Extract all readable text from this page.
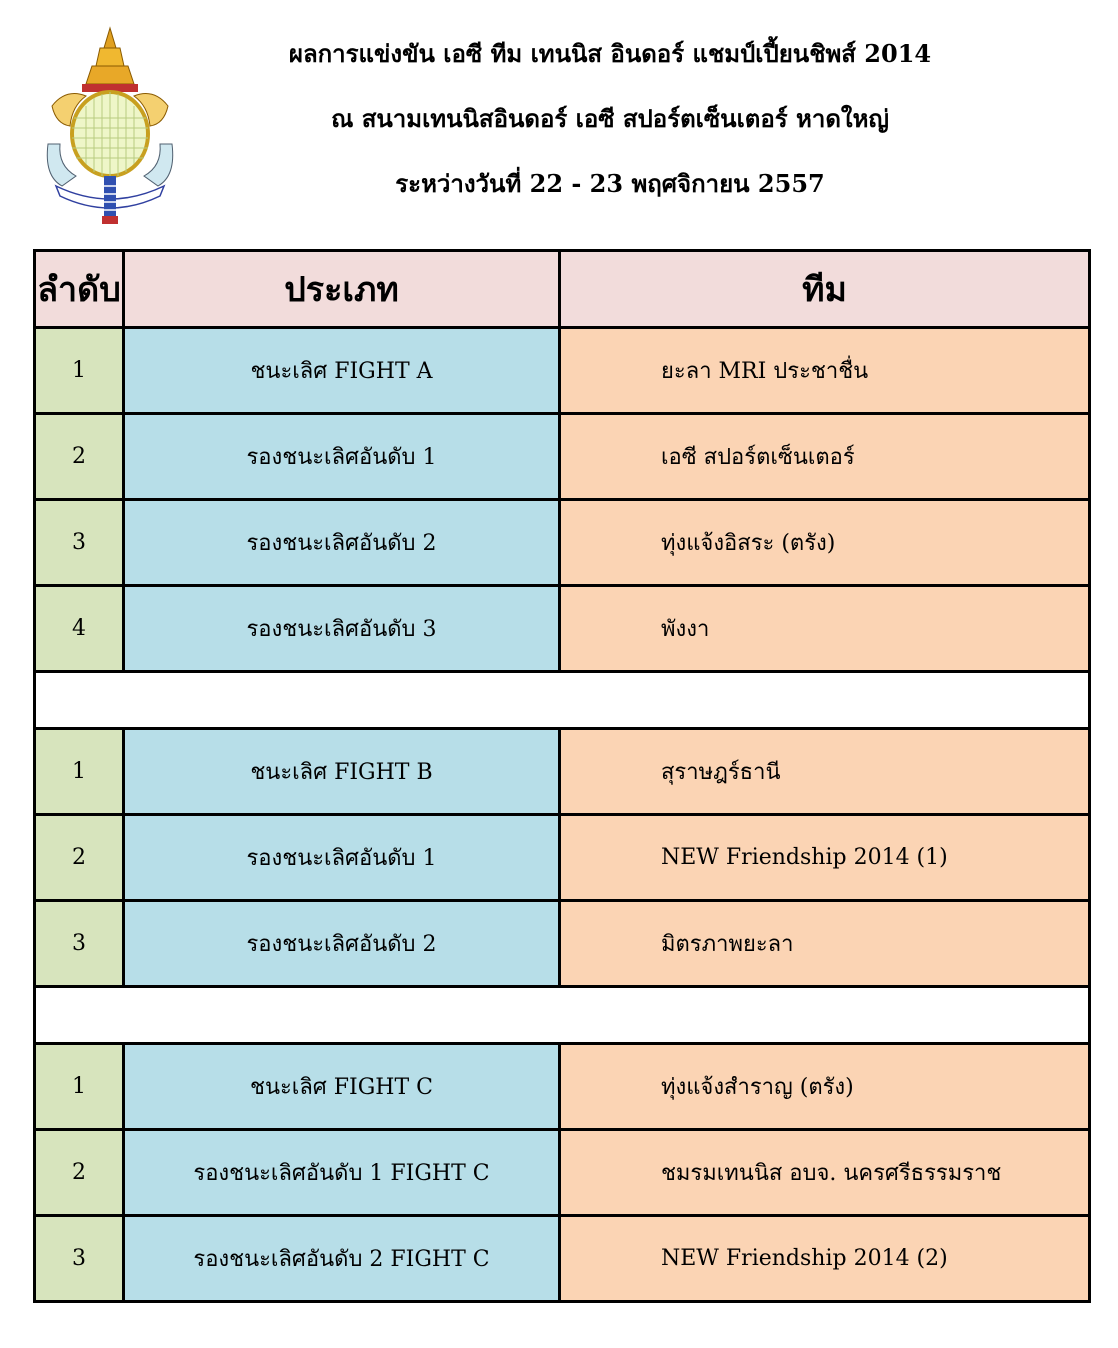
ผลการแข่งขัน เอซี ทีม เทนนิส อินดอร์ แชมป์เปี้ยนชิพส์ 2014
ณ สนามเทนนิสอินดอร์ เอซี สปอร์ตเซ็นเตอร์ หาดใหญ่
ระหว่างวันที่ 22 - 23 พฤศจิกายน 2557
ลำดับ	ประเภท	ทีม
1	ชนะเลิศ FIGHT A	ยะลา MRI ประชาชื่น
2	รองชนะเลิศอันดับ 1	เอซี สปอร์ตเซ็นเตอร์
3	รองชนะเลิศอันดับ 2	ทุ่งแจ้งอิสระ (ตรัง)
4	รองชนะเลิศอันดับ 3	พังงา

1	ชนะเลิศ FIGHT B	สุราษฎร์ธานี
2	รองชนะเลิศอันดับ 1	NEW Friendship 2014 (1)
3	รองชนะเลิศอันดับ 2	มิตรภาพยะลา

1	ชนะเลิศ FIGHT C	ทุ่งแจ้งสำราญ (ตรัง)
2	รองชนะเลิศอันดับ 1 FIGHT C	ชมรมเทนนิส อบจ. นครศรีธรรมราช
3	รองชนะเลิศอันดับ 2 FIGHT C	NEW Friendship 2014 (2)
